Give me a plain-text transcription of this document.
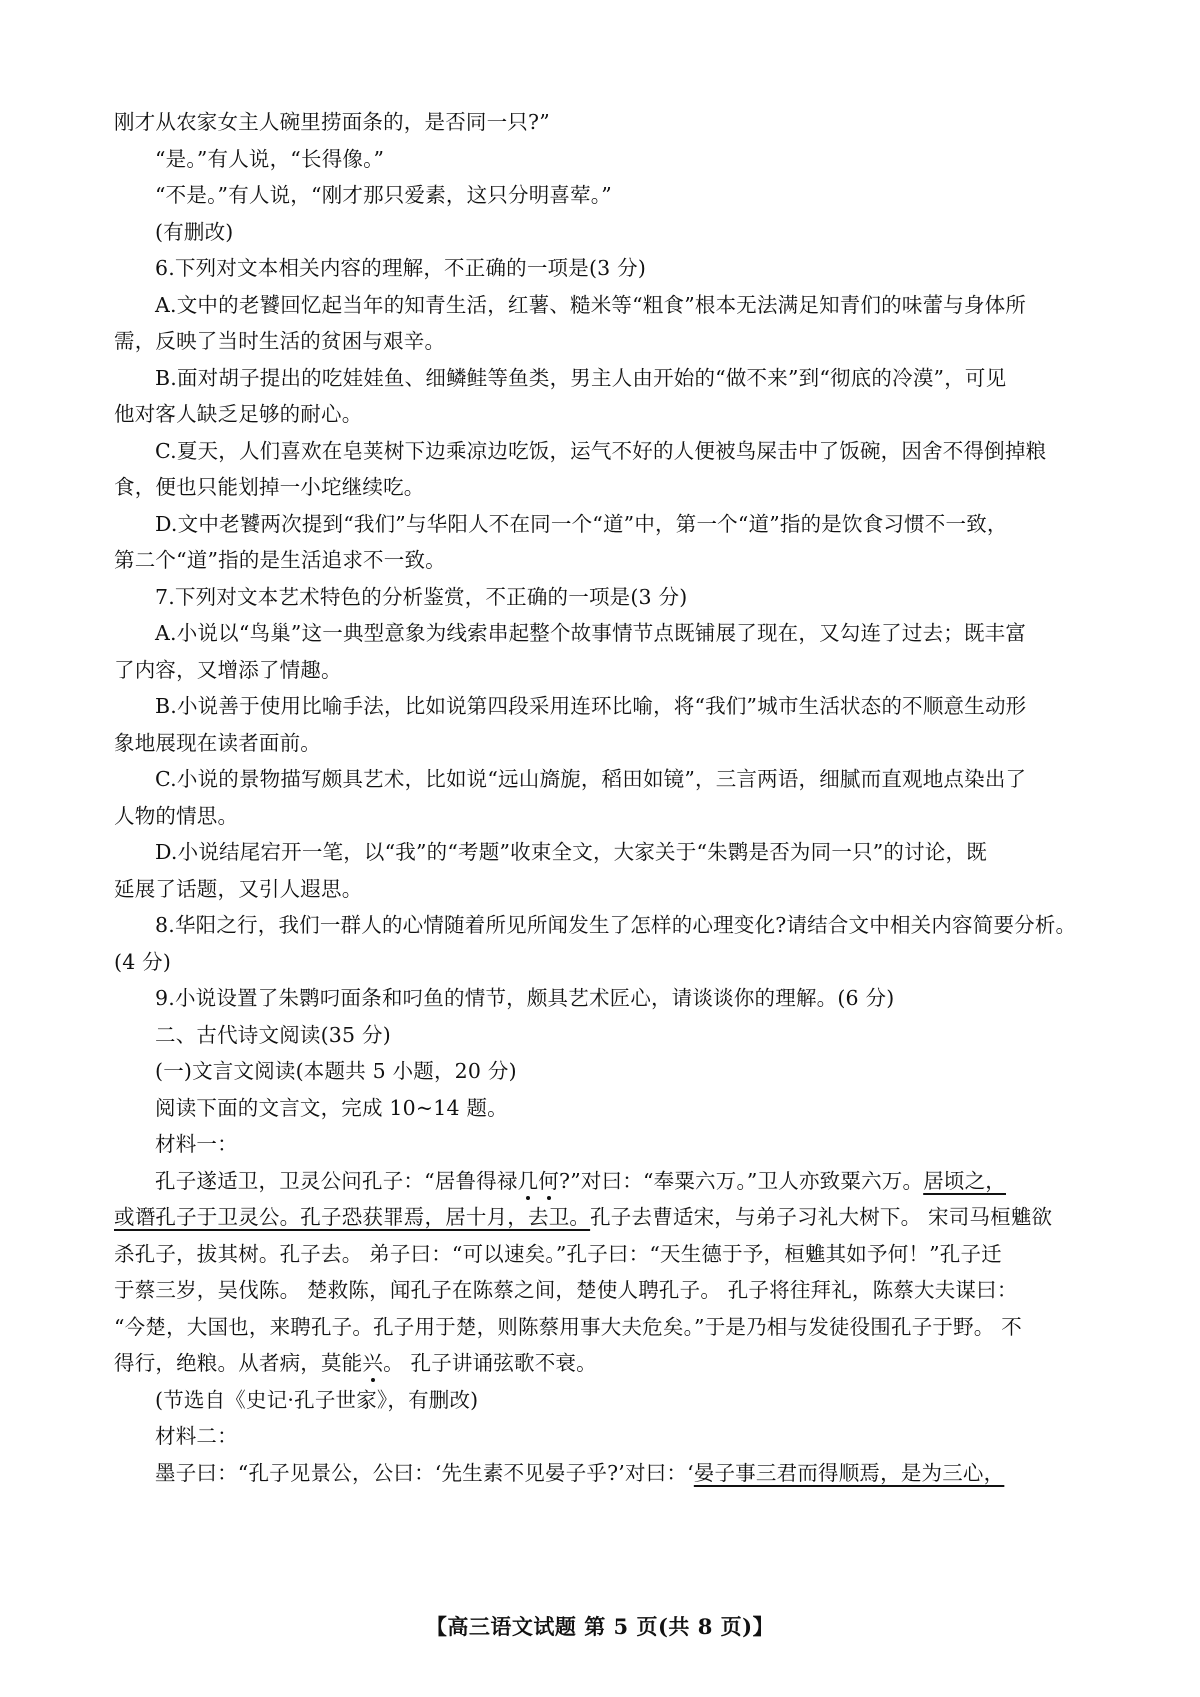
刚才从农家女主人碗里捞面条的，是否同一只?”
“是。”有人说，“长得像。”
“不是。”有人说，“刚才那只爱素，这只分明喜荤。”
(有删改)
6.下列对文本相关内容的理解，不正确的一项是(3 分)
A.文中的老饕回忆起当年的知青生活，红薯、糙米等“粗食”根本无法满足知青们的味蕾与身体所
需，反映了当时生活的贫困与艰辛。
B.面对胡子提出的吃娃娃鱼、细鳞鲑等鱼类，男主人由开始的“做不来”到“彻底的冷漠”，可见
他对客人缺乏足够的耐心。
C.夏天，人们喜欢在皂荚树下边乘凉边吃饭，运气不好的人便被鸟屎击中了饭碗，因舍不得倒掉粮
食，便也只能划掉一小坨继续吃。
D.文中老饕两次提到“我们”与华阳人不在同一个“道”中，第一个“道”指的是饮食习惯不一致，
第二个“道”指的是生活追求不一致。
7.下列对文本艺术特色的分析鉴赏，不正确的一项是(3 分)
A.小说以“鸟巢”这一典型意象为线索串起整个故事情节点既铺展了现在，又勾连了过去；既丰富
了内容，又增添了情趣。
B.小说善于使用比喻手法，比如说第四段采用连环比喻，将“我们”城市生活状态的不顺意生动形
象地展现在读者面前。
C.小说的景物描写颇具艺术，比如说“远山旖旎，稻田如镜”，三言两语，细腻而直观地点染出了
人物的情思。
D.小说结尾宕开一笔，以“我”的“考题”收束全文，大家关于“朱鹮是否为同一只”的讨论，既
延展了话题，又引人遐思。
8.华阳之行，我们一群人的心情随着所见所闻发生了怎样的心理变化?请结合文中相关内容简要分析。
(4 分)
9.小说设置了朱鹮叼面条和叼鱼的情节，颇具艺术匠心，请谈谈你的理解。(6 分)
二、古代诗文阅读(35 分)
(一)文言文阅读(本题共 5 小题，20 分)
阅读下面的文言文，完成 10~14 题。
材料一：
孔子遂适卫，卫灵公问孔子：“居鲁得禄几何?”对曰：“奉粟六万。”卫人亦致粟六万。居顷之，
或谮孔子于卫灵公。孔子恐获罪焉，居十月，去卫。孔子去曹适宋，与弟子习礼大树下。 宋司马桓魋欲
杀孔子，拔其树。孔子去。 弟子曰：“可以速矣。”孔子曰：“天生德于予，桓魋其如予何！”孔子迁
于蔡三岁，吴伐陈。 楚救陈，闻孔子在陈蔡之间，楚使人聘孔子。 孔子将往拜礼，陈蔡大夫谋曰：
“今楚，大国也，来聘孔子。孔子用于楚，则陈蔡用事大夫危矣。”于是乃相与发徒役围孔子于野。 不
得行，绝粮。从者病，莫能兴。 孔子讲诵弦歌不衰。
(节选自《史记·孔子世家》，有删改)
材料二：
墨子曰：“孔子见景公，公曰：‘先生素不见晏子乎?’对曰：‘晏子事三君而得顺焉，是为三心，
【高三语文试题 第 5 页(共 8 页)】
